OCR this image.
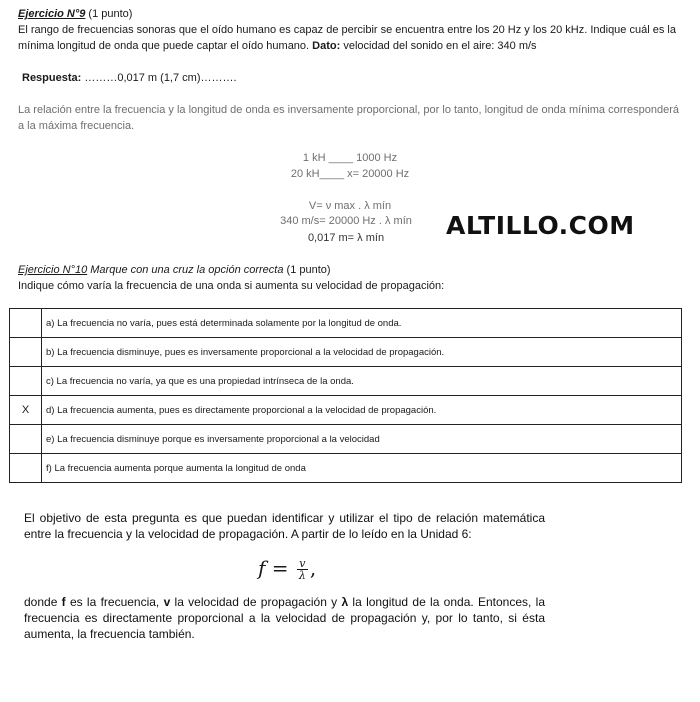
Ejercicio N°9 (1 punto)
El rango de frecuencias sonoras que el oído humano es capaz de percibir se encuentra entre los 20 Hz y los 20 kHz. Indique cuál es la mínima longitud de onda que puede captar el oído humano. Dato: velocidad del sonido en el aire: 340 m/s
Respuesta: ………0,017 m (1,7 cm)……….
La relación entre la frecuencia y la longitud de onda es inversamente proporcional, por lo tanto, longitud de onda mínima corresponderá a la máxima frecuencia.
1 kH ____ 1000 Hz
20 kH____ x= 20000 Hz
V= ν max . λ mín
340 m/s= 20000 Hz . λ mín
0,017 m= λ mín	ALTILLO.COM
Ejercicio N°10 Marque con una cruz la opción correcta (1 punto)
Indique cómo varía la frecuencia de una onda si aumenta su velocidad de propagación:
	a) La frecuencia no varía, pues está determinada solamente por la longitud de onda.
	b) La frecuencia disminuye, pues es inversamente proporcional a la velocidad de propagación.
	c) La frecuencia no varía, ya que es una propiedad intrínseca de la onda.
X	d) La frecuencia aumenta, pues es directamente proporcional a la velocidad de propagación.
	e) La frecuencia disminuye porque es inversamente proporcional a la velocidad
	f) La frecuencia aumenta porque aumenta la longitud de onda
El objetivo de esta pregunta es que puedan identificar y utilizar el tipo de relación matemática entre la frecuencia y la velocidad de propagación. A partir de lo leído en la Unidad 6:
$f = \frac{v}{\lambda}$ ,
donde f es la frecuencia, v la velocidad de propagación y λ la longitud de la onda. Entonces, la frecuencia es directamente proporcional a la velocidad de propagación y, por lo tanto, si ésta aumenta, la frecuencia también.
